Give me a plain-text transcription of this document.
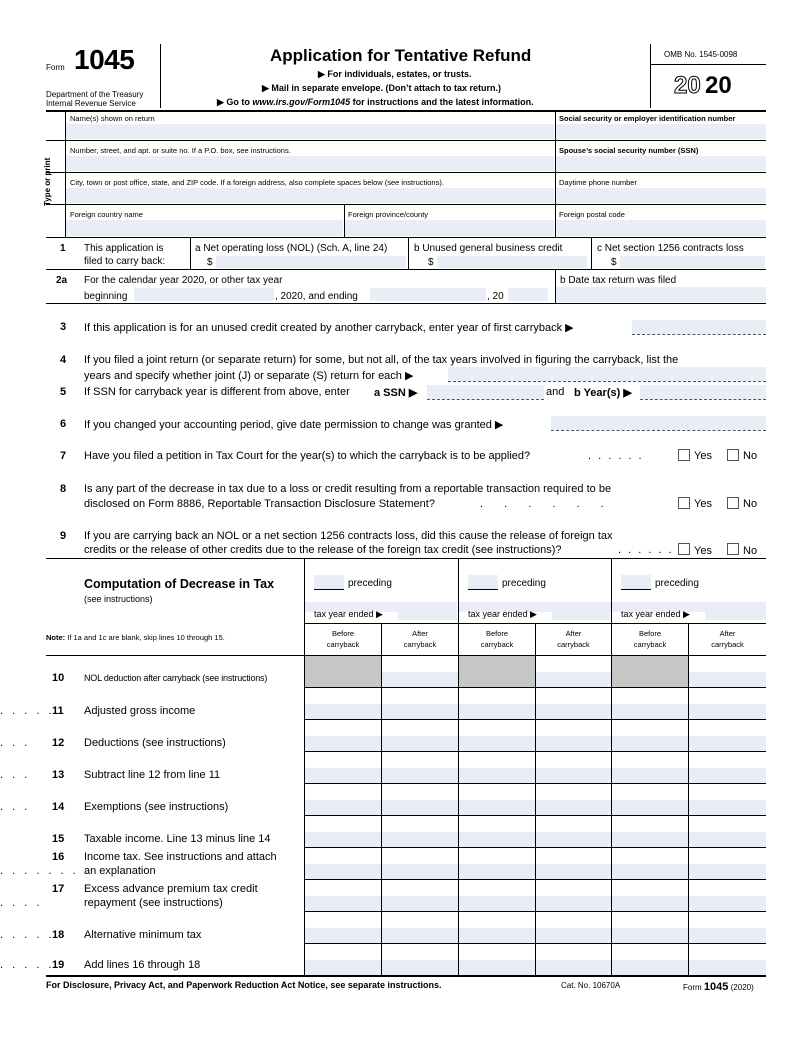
Form 1045
Department of the Treasury
Internal Revenue Service
Application for Tentative Refund
▶ For individuals, estates, or trusts.
▶ Mail in separate envelope. (Don’t attach to tax return.)
▶ Go to www.irs.gov/Form1045 for instructions and the latest information.
OMB No. 1545-0098
20 20
Type or print
Name(s) shown on return	Social security or employer identification number
Number, street, and apt. or suite no. If a P.O. box, see instructions.	Spouse’s social security number (SSN)
City, town or post office, state, and ZIP code. If a foreign address, also complete spaces below (see instructions).	Daytime phone number
Foreign country name	Foreign province/county	Foreign postal code
1 This application is
filed to carry back:
a Net operating loss (NOL) (Sch. A, line 24)
$
b Unused general business credit
$
c Net section 1256 contracts loss
$
2a For the calendar year 2020, or other tax year
beginning	, 2020, and ending	, 20
b Date tax return was filed
3 If this application is for an unused credit created by another carryback, enter year of first carryback ▶
4 If you filed a joint return (or separate return) for some, but not all, of the tax years involved in figuring the carryback, list the
years and specify whether joint (J) or separate (S) return for each ▶
5 If SSN for carryback year is different from above, enter a SSN ▶	and b Year(s) ▶
6 If you changed your accounting period, give date permission to change was granted ▶
7 Have you filed a petition in Tax Court for the year(s) to which the carryback is to be applied?	. . . . . .	Yes	No
8 Is any part of the decrease in tax due to a loss or credit resulting from a reportable transaction required to be
disclosed on Form 8886, Reportable Transaction Disclosure Statement?	. . . . . .	Yes	No
9 If you are carrying back an NOL or a net section 1256 contracts loss, did this cause the release of foreign tax
credits or the release of other credits due to the release of the foreign tax credit (see instructions)?	. . . . . . Yes	No
Computation of Decrease in Tax
(see instructions)
Note: If 1a and 1c are blank, skip lines 10 through 15.
preceding
tax year ended ▶
preceding
tax year ended ▶
preceding
tax year ended ▶
Before
carryback
After
carryback
Before
carryback
After
carryback
Before
carryback
After
carryback
10 NOL deduction after carryback (see instructions)
11 Adjusted gross income
. . . . .
12 Deductions (see instructions)
. . .
13 Subtract line 12 from line 11
. . .
14 Exemptions (see instructions)
. . .
15 Taxable income. Line 13 minus line 14
16 Income tax. See instructions and attach
an explanation
. . . . . . . .
17 Excess advance premium tax credit
repayment (see instructions)
. . . .
18 Alternative minimum tax
. . . . .
19 Add lines 16 through 18
. . . . .
For Disclosure, Privacy Act, and Paperwork Reduction Act Notice, see separate instructions.	Cat. No. 10670A	Form 1045 (2020)
